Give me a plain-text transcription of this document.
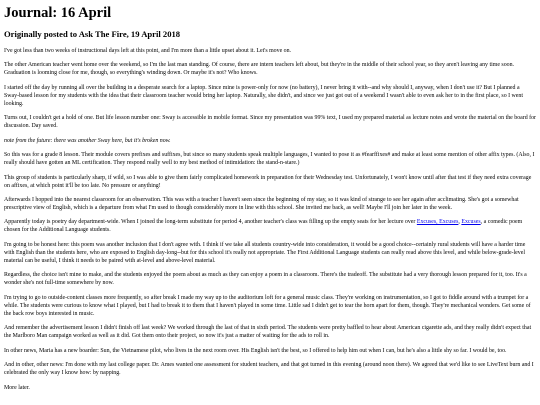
Journal: 16 April
Originally posted to Ask The Fire, 19 April 2018

I've got less than two weeks of instructional days left at this point, and I'm more than a little upset about it. Let's move on.

The other American teacher went home over the weekend, so I'm the last man standing. Of course, there are intern teachers left about, but they're in the middle of their school year, so they aren't leaving any time soon. Graduation is looming close for me, though, so everything's winding down. Or maybe it's not? Who knows.

I started off the day by running all over the building in a desperate search for a laptop. Since mine is power-only for now (no battery), I never bring it with--and why should I, anyway, when I don't use it? But I planned a Sway-based lesson for my students with the idea that their classroom teacher would bring her laptop. Naturally, she didn't, and since we just got out of a weekend I wasn't able to even ask her to in the first place, so I went looking.

Turns out, I couldn't get a hold of one. But life lesson number one: Sway is accessible in mobile format. Since my presentation was 99% text, I used my prepared material as lecture notes and wrote the material on the board for discussion. Day saved.

note from the future: there was another Sway here, but it's broken now.

So this was for a grade 8 lesson. Their module covers prefixes and suffixes, but since so many students speak multiple languages, I wanted to pose it as #fearffixes# and make at least some mention of other affix types. (Also, I really should have gotten an ML certification. They respond really well to my best method of intimidation: the stand-n-stare.)

This group of students is particularly sharp, if wild, so I was able to give them fairly complicated homework in preparation for their Wednesday test. Unfortunately, I won't know until after that test if they need extra coverage on affixes, at which point it'll be too late. No pressure or anything!

Afterwards I hopped into the nearest classroom for an observation. This was with a teacher I haven't seen since the beginning of my stay, so it was kind of strange to see her again after acclimating. She's got a somewhat prescriptive view of English, which is a departure from what I'm used to though considerably more in line with this school. She invited me back, as well! Maybe I'll join her later in the week.

Apparently today is poetry day department-wide. When I joined the long-term substitute for period 4, another teacher's class was filling up the empty seats for her lecture over Excuses, Excuses, Excuses, a comedic poem chosen for the Additional Language students.

I'm going to be honest here: this poem was another inclusion that I don't agree with. I think if we take all students country-wide into consideration, it would be a good choice--certainly rural students will have a harder time with English than the students here, who are exposed to English day-long--but for this school it's really not appropriate. The First Additional Language students can really read above this level, and while below-grade-level material can be useful, I think it needs to be paired with at-level and above-level material.

Regardless, the choice isn't mine to make, and the students enjoyed the poem about as much as they can enjoy a poem in a classroom. There's the tradeoff. The substitute had a very thorough lesson prepared for it, too. It's a wonder she's not full-time somewhere by now.

I'm trying to go to outside-content classes more frequently, so after break I made my way up to the auditorium loft for a general music class. They're working on instrumentation, so I got to fiddle around with a trumpet for a while. The students were curious to know what I played, but I had to break it to them that I haven't played in some time. Little sad I didn't get to tear the horn apart for them, though. They're mechanical wonders. Get some of the back row boys interested in music.

And remember the advertisement lesson I didn't finish off last week? We worked through the last of that in sixth period. The students were pretty baffled to hear about American cigarette ads, and they really didn't expect that the Marlboro Man campaign worked as well as it did. Got them onto their project, so now it's just a matter of waiting for the ads to roll in.

In other news, Maria has a new boarder: Sun, the Vietnamese pilot, who lives in the next room over. His English isn't the best, so I offered to help him out when I can, but he's also a little shy so far. I would be, too.

And in other, other news: I'm done with my last college paper. Dr. Ames wanted one assessment for student teachers, and that got turned in this evening (around noon there). We agreed that we'd like to see LiveText burn and I celebrated the only way I know how: by napping.

More later.
